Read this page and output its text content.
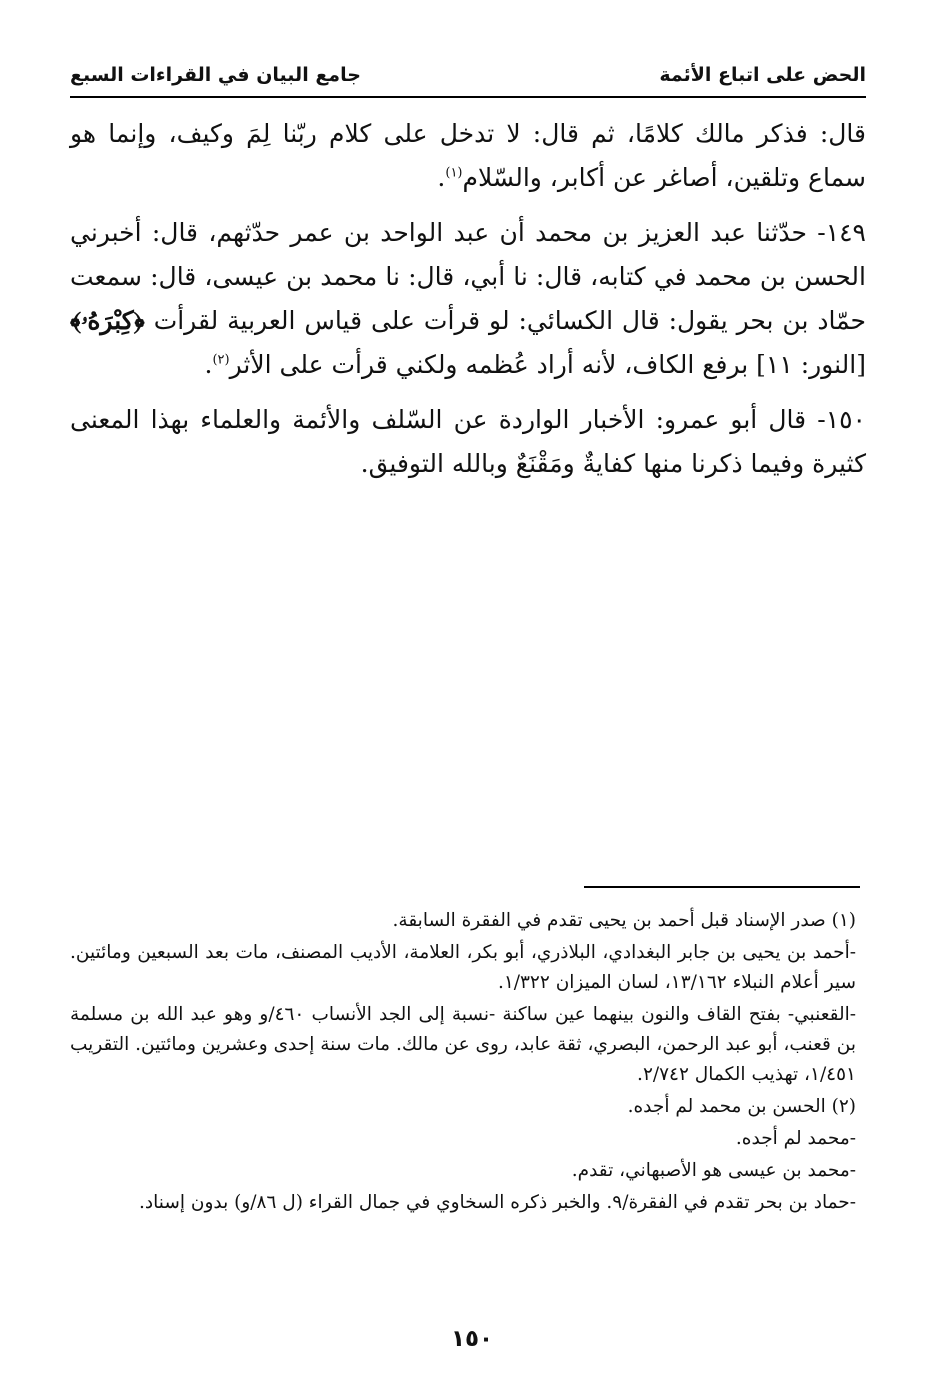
الحض على اتباع الأئمة
جامع البيان في القراءات السبع

قال: فذكر مالك كلامًا، ثم قال: لا تدخل على كلام ربّنا لِمَ وكيف، وإنما هو سماع وتلقين، أصاغر عن أكابر، والسّلام$^{(١)}$.

١٤٩- حدّثنا عبد العزيز بن محمد أن عبد الواحد بن عمر حدّثهم، قال: أخبرني الحسن بن محمد في كتابه، قال: نا أبي، قال: نا محمد بن عيسى، قال: سمعت حمّاد بن بحر يقول: قال الكسائي: لو قرأت على قياس العربية لقرأت ﴿كِبْرَهُۥ﴾ [النور: ١١] برفع الكاف، لأنه أراد عُظمه ولكني قرأت على الأثر$^{(٢)}$.

١٥٠- قال أبو عمرو: الأخبار الواردة عن السّلف والأئمة والعلماء بهذا المعنى كثيرة وفيما ذكرنا منها كفايةٌ ومَقْنَعٌ وبالله التوفيق.

(١) صدر الإسناد قبل أحمد بن يحيى تقدم في الفقرة السابقة.

-أحمد بن يحيى بن جابر البغدادي، البلاذري، أبو بكر، العلامة، الأديب المصنف، مات بعد السبعين ومائتين. سير أعلام النبلاء ١٣/١٦٢، لسان الميزان ١/٣٢٢.

-القعنبي- بفتح القاف والنون بينهما عين ساكنة -نسبة إلى الجد الأنساب ٤٦٠/و وهو عبد الله بن مسلمة بن قعنب، أبو عبد الرحمن، البصري، ثقة عابد، روى عن مالك. مات سنة إحدى وعشرين ومائتين. التقريب ١/٤٥١، تهذيب الكمال ٢/٧٤٢.

(٢) الحسن بن محمد لم أجده.

-محمد لم أجده.

-محمد بن عيسى هو الأصبهاني، تقدم.

-حماد بن بحر تقدم في الفقرة/٩. والخبر ذكره السخاوي في جمال القراء (ل ٨٦/و) بدون إسناد.

١٥٠
